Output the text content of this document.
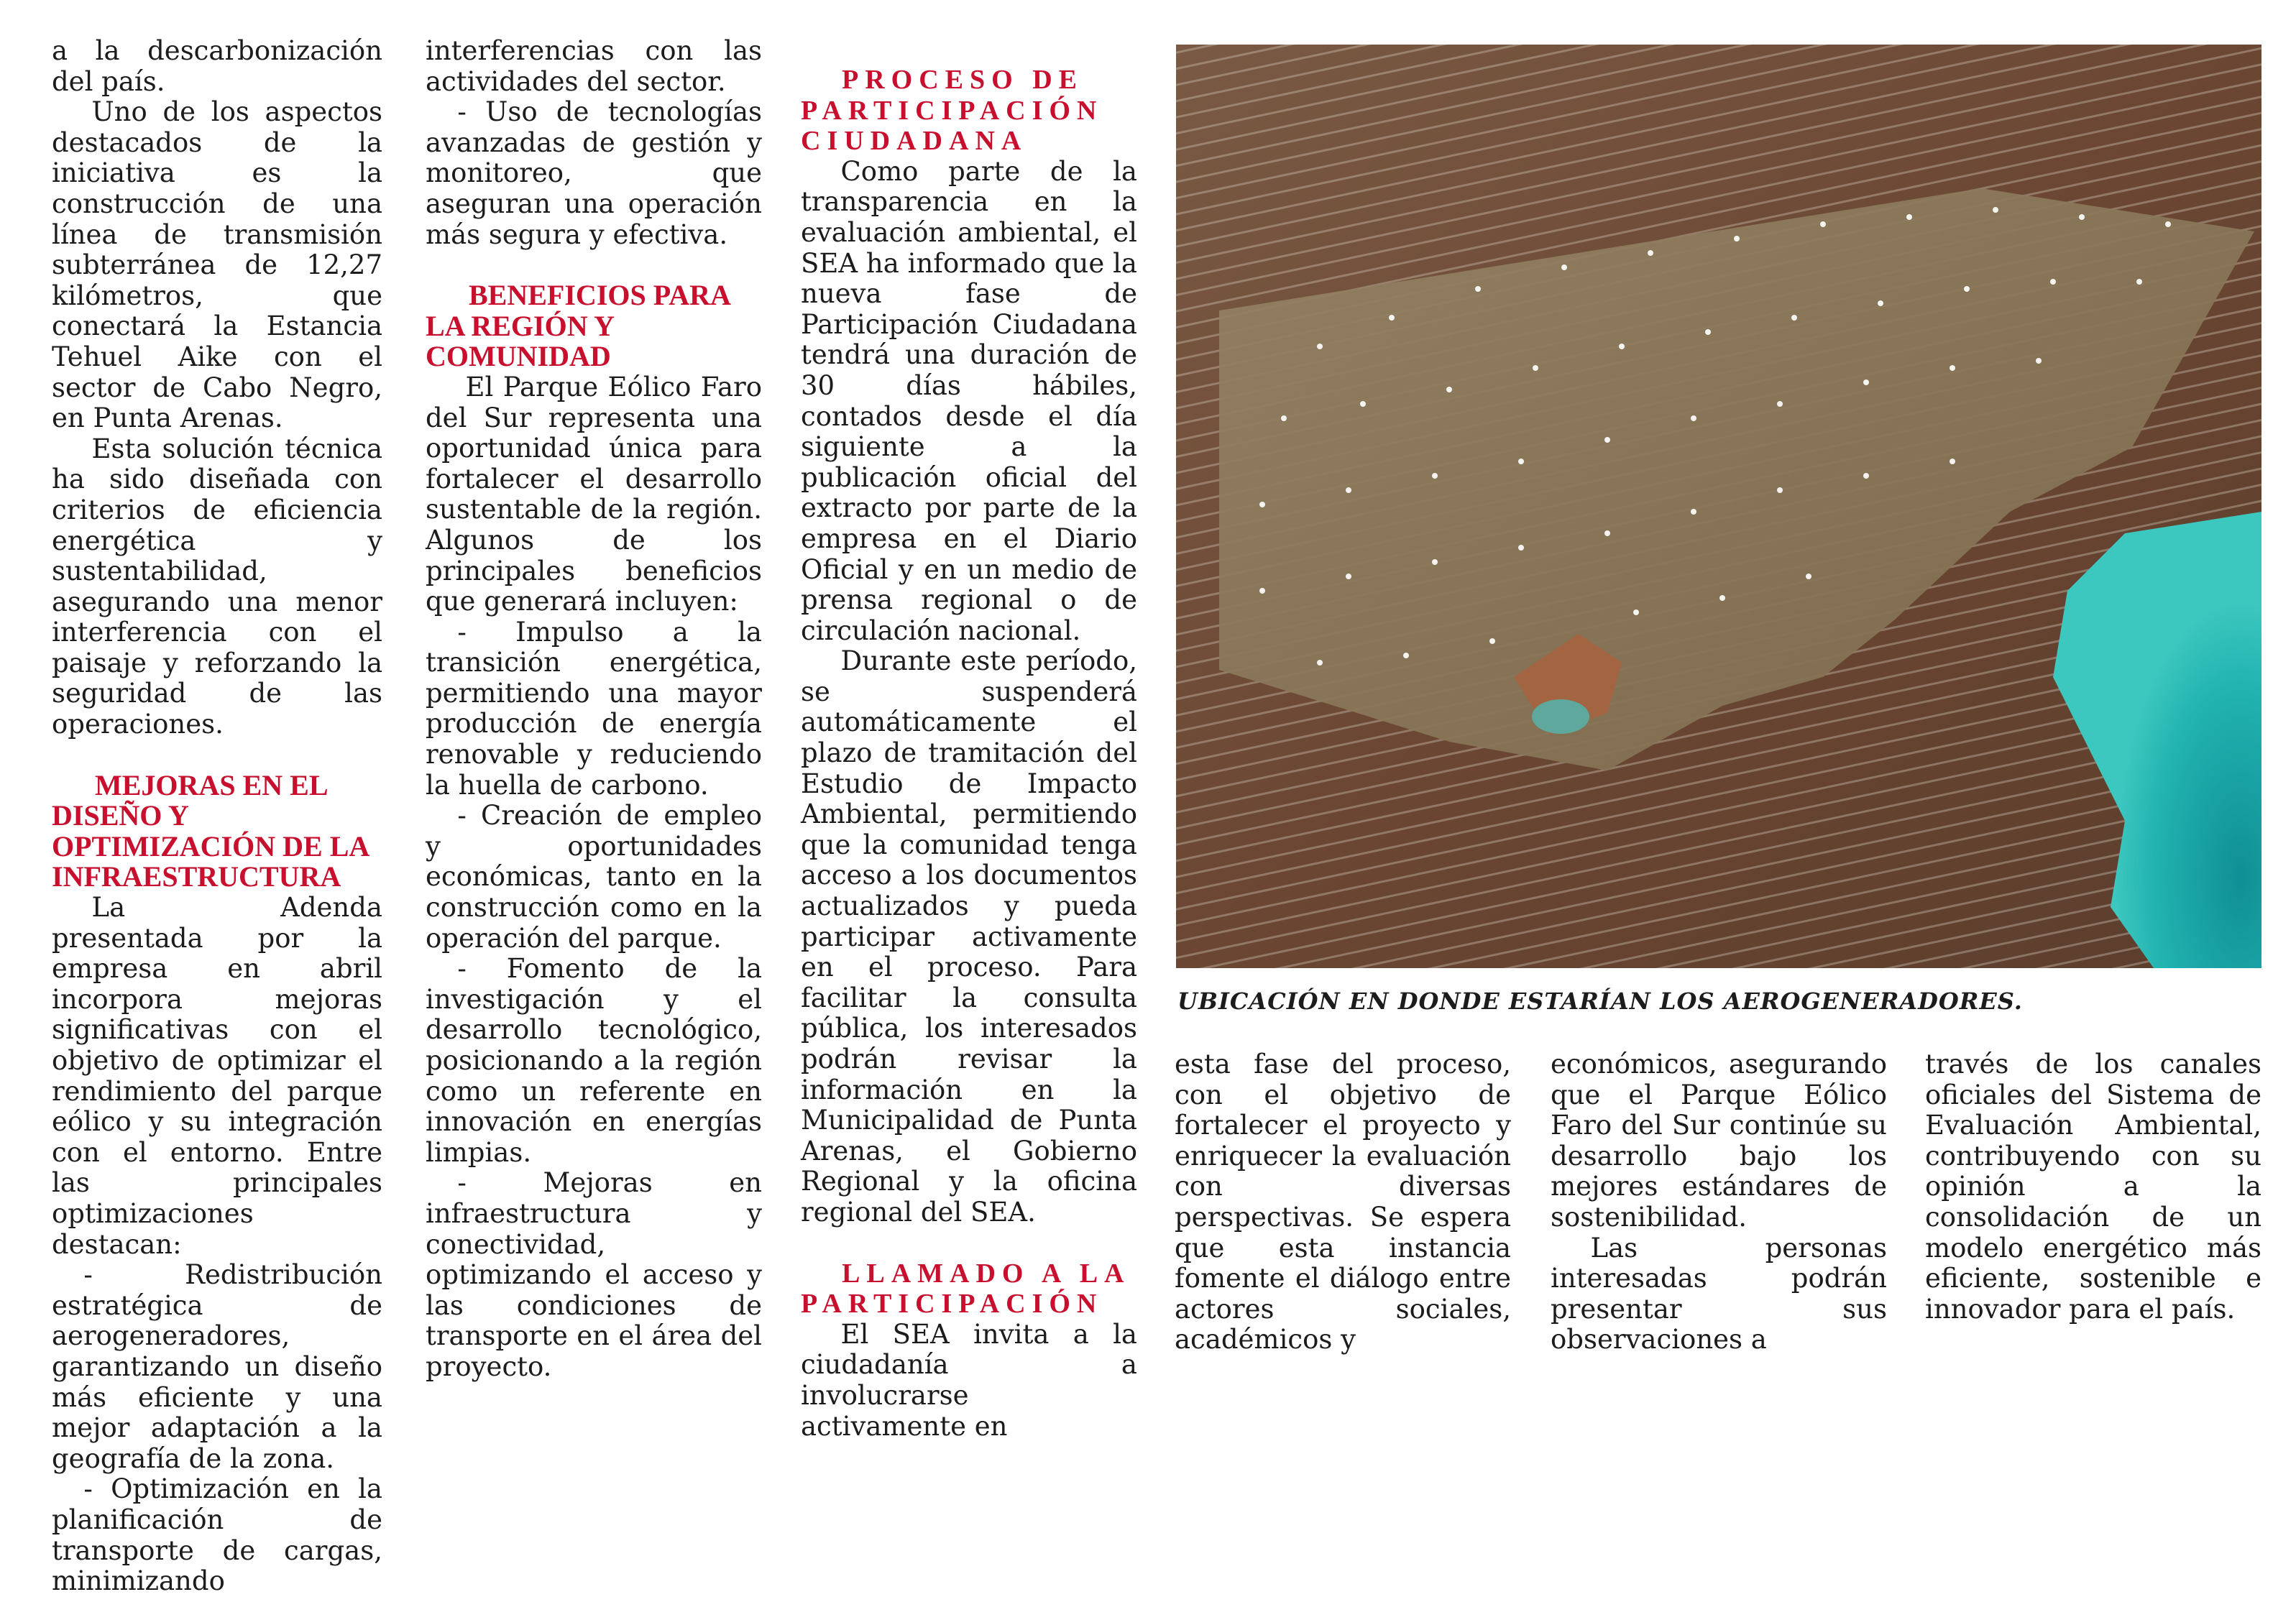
a la descarbonización del país.

Uno de los aspectos destacados de la iniciativa es la construcción de una línea de transmisión subterránea de 12,27 kilómetros, que conectará la Estancia Tehuel Aike con el sector de Cabo Negro, en Punta Arenas.

Esta solución técnica ha sido diseñada con criterios de eficiencia energética y sustentabilidad, asegurando una menor interferencia con el paisaje y reforzando la seguridad de las operaciones.

MEJORAS EN EL DISEÑO Y OPTIMIZACIÓN DE LA INFRAESTRUCTURA

La Adenda presentada por la empresa en abril incorpora mejoras significativas con el objetivo de optimizar el rendimiento del parque eólico y su integración con el entorno. Entre las principales optimizaciones destacan:

- Redistribución estratégica de aerogeneradores, garantizando un diseño más eficiente y una mejor adaptación a la geografía de la zona.

- Optimización en la planificación de transporte de cargas, minimizando

interferencias con las actividades del sector.

- Uso de tecnologías avanzadas de gestión y monitoreo, que aseguran una operación más segura y efectiva.

BENEFICIOS PARA LA REGIÓN Y COMUNIDAD

El Parque Eólico Faro del Sur representa una oportunidad única para fortalecer el desarrollo sustentable de la región. Algunos de los principales beneficios que generará incluyen:

- Impulso a la transición energética, permitiendo una mayor producción de energía renovable y reduciendo la huella de carbono.

- Creación de empleo y oportunidades económicas, tanto en la construcción como en la operación del parque.

- Fomento de la investigación y el desarrollo tecnológico, posicionando a la región como un referente en innovación en energías limpias.

- Mejoras en infraestructura y conectividad, optimizando el acceso y las condiciones de transporte en el área del proyecto.

PROCESO DE PARTICIPACIÓN CIUDADANA

Como parte de la transparencia en la evaluación ambiental, el SEA ha informado que la nueva fase de Participación Ciudadana tendrá una duración de 30 días hábiles, contados desde el día siguiente a la publicación oficial del extracto por parte de la empresa en el Diario Oficial y en un medio de prensa regional o de circulación nacional.

Durante este período, se suspenderá automáticamente el plazo de tramitación del Estudio de Impacto Ambiental, permitiendo que la comunidad tenga acceso a los documentos actualizados y pueda participar activamente en el proceso. Para facilitar la consulta pública, los interesados podrán revisar la información en la Municipalidad de Punta Arenas, el Gobierno Regional y la oficina regional del SEA.

LLAMADO A LA PARTICIPACIÓN

El SEA invita a la ciudadanía a involucrarse activamente en

UBICACIÓN EN DONDE ESTARÍAN LOS AEROGENERADORES.

esta fase del proceso, con el objetivo de fortalecer el proyecto y enriquecer la evaluación con diversas perspectivas. Se espera que esta instancia fomente el diálogo entre actores sociales, académicos y

económicos, asegurando que el Parque Eólico Faro del Sur continúe su desarrollo bajo los mejores estándares de sostenibilidad.

Las personas interesadas podrán presentar sus observaciones a

través de los canales oficiales del Sistema de Evaluación Ambiental, contribuyendo con su opinión a la consolidación de un modelo energético más eficiente, sostenible e innovador para el país.
